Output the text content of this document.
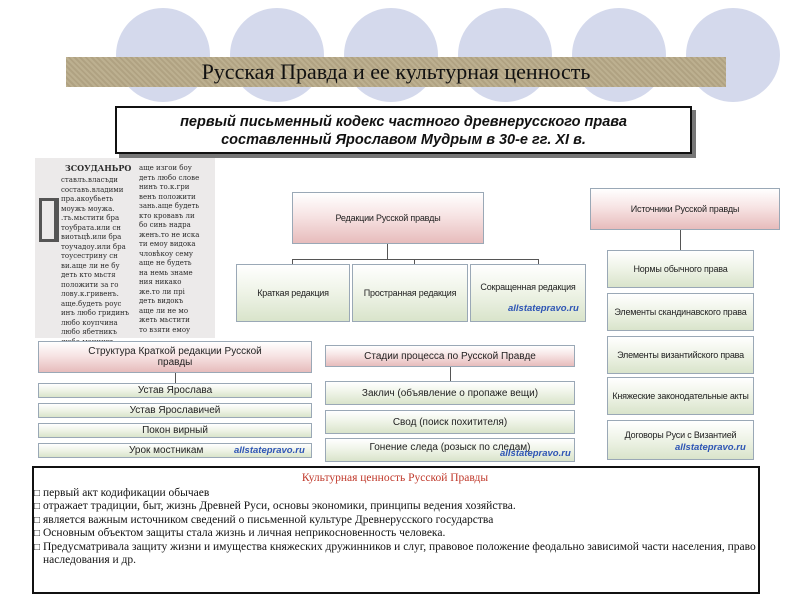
Русская Правда и ее культурная ценность
первый письменный кодекс частного древнерусского права
составленный Ярославом Мудрым в 30-е гг. XI в.
ЗСОУДАНЬРО
ставлъ.власъди
составъ.владими
пра.акоубьеть
моужъ моужа.
.тъ.мьстити бра
тоубрата.или сн
виотьцѣ.или бра
тоучадоу.или бра
тоусестрину сн
ви.аще ли не бу
деть кто мьстя
положити за го
лову.к.гривенъ.
аще.будеть роус
инъ любо гридинъ
любо коупчина
любо ябетникъ

аще изгои боу
деть любо слове
нинъ то.к.гри
венъ положити
зань.аще будеть
кто кровавъ ли
бо синь надра
женъ.то не иска
ти емоу видока
чловѣкоу сему
аще не будеть
на немь знаме
ния никако
же.то ли прі
деть видокъ
аще ли не мо
жеть мьстити
то взяти емоу
Редакции Русской правды
Краткая редакция	Пространная редакция
Сокращенная редакция
allstatepravo.ru
Источники Русской правды
Нормы обычного права
Элементы скандинавского права
Элементы византийского права
Княжеские законодательные акты
Договоры Руси с Византией
allstatepravo.ru
Структура Краткой редакции Русской правды
Устав Ярослава
Устав Ярославичей
Покон вирный
Урок мостникам	allstatepravo.ru
Стадии процесса по Русской Правде
Заклич (объявление о пропаже вещи)
Свод (поиск похитителя)
Гонение следа (розыск по следам)
allstatepravo.ru
Культурная ценность Русской Правды
□ первый акт кодификации обычаев
□ отражает традиции, быт, жизнь Древней Руси, основы экономики, принципы ведения хозяйства.
□ является важным источником сведений о письменной культуре Древнерусского государства
□ Основным объектом защиты стала жизнь и личная неприкосновенность человека.
□ Предусматривала защиту жизни и имущества княжеских дружинников и слуг, правовое положение феодально зависимой части населения, право наследования и др.
